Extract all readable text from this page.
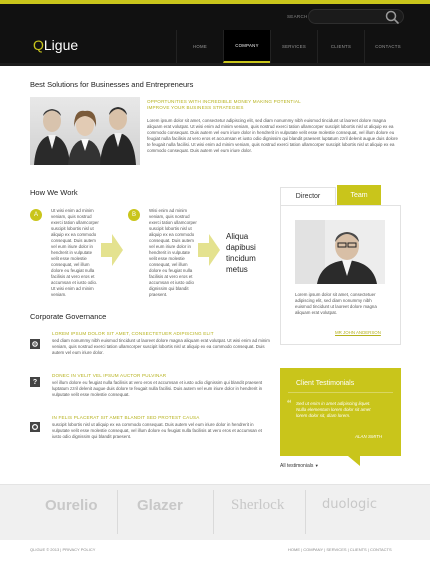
SEARCH
QLigue	HOME	COMPANY	SERVICES	CLIENTS	CONTACTS
Best Solutions for Businesses and Entrepreneurs
OPPORTUNITIES WITH INCREDIBLE MONEY MAKING POTENTIAL
IMPROVE YOUR BUSINESS STRATEGIES
Lorem ipsum dolor sit amet, consectetur adipiscing elit, sed diam nonummy nibh euismod tincidunt ut laoreet dolore magna aliquam erat volutpat. Ut wisi enim ad minim veniam, quis nostrud exerci tation ullamcorper suscipit lobortis nisl ut aliquip ex ea commodo consequat. Duis autem vel eum iriure dolor in hendrerit in vulputate velit esse molestie consequat, vel illum dolore eu feugiat nulla facilisis at vero eros et accumsan et iusto odio dignissim qui blandit praesent luptatum zzril delenit augue duis dolore te feugait nulla facilisi. Ut wisi enim ad minim veniam, quis nostrud exerci tation ullamcorper suscipit lobortis nisl ut aliquip ex ea commodo consequat. Duis autem vel eum iriure dolor.
How We Work
A
Ut wisi enim ad minim veniam, quis nostrud exerci tation ullamcorper suscipit lobortis nisl ut aliquip ex ea commodo consequat. Duis autem vel eum iriure dolor in hendrerit in vulputate velit esse molestie consequat, vel illum dolore eu feugiat nulla facilisis at vero eros et accumsan et iusto odio. Ut wisi enim ad minim veniam.
B
Wisi enim ad minim veniam, quis nostrud exerci tation ullamcorper suscipit lobortis nisl ut aliquip ex ea commodo consequat. Duis autem vel eum iriure dolor in hendrerit in vulputate velit esse molestie consequat, vel illum dolore eu feugiat nulla facilisis at vero eros et accumsan et iusto odio dignissim qui blandit praesent.
Aliqua
dapibusi
tincidum
metus
Director	Team
Lorem ipsum dolor sit amet, consectetuer adipiscing elit, sed diam nonummy nibh euismod tincidunt ut laoreet dolore magna aliquam erat volutpat.
MR JOHN ANDERSON
Corporate Governance
LOREM IPSUM DOLOR SIT AMET, CONSECTETUER ADIPISCING ELIT
sed diam nonummy nibh euismod tincidunt ut laoreet dolore magna aliquam erat volutpat. Ut wisi enim ad minim veniam, quis nostrud exerci tation ullamcorper suscipit lobortis nisl ut aliquip ex ea commodo consequat. Duis autem vel eum iriure dolor.
?
DONEC IN VELIT VEL IPSUM AUCTOR PULVINAR
vel illum dolore eu feugiat nulla facilisis at vero eros et accumsan et iusto odio dignissim qui blandit praesent luptatum zzril delenit augue duis dolore te feugait nulla facilisi. Duis autem vel eum iriure dolor in hendrerit in vulputate velit esse molestie consequat.
IN FELIS PLACERAT SIT AMET BLANDIT SED PROTEST CAUSA
suscipit lobortis nisl ut aliquip ex ea commodo consequat. Duis autem vel eum iriure dolor in hendrerit in vulputate velit esse molestie consequat, vel illum dolore eu feugiat nulla facilisis at vero eros et accumsan et iusto odio dignissim qui blandit praesent.
Client Testimonials
“ Sed ut enim in amet adipiscing liquet. Nulla elementum lorem dolor sit amet lorem dolor sit, diam lorem.
ALAN SMITH
All testimonials ▼
Ourelio	Glazer	Sherlock	duologic
QLIGUE © 2013 | PRIVACY POLICY	HOME | COMPANY | SERVICES | CLIENTS | CONTACTS
